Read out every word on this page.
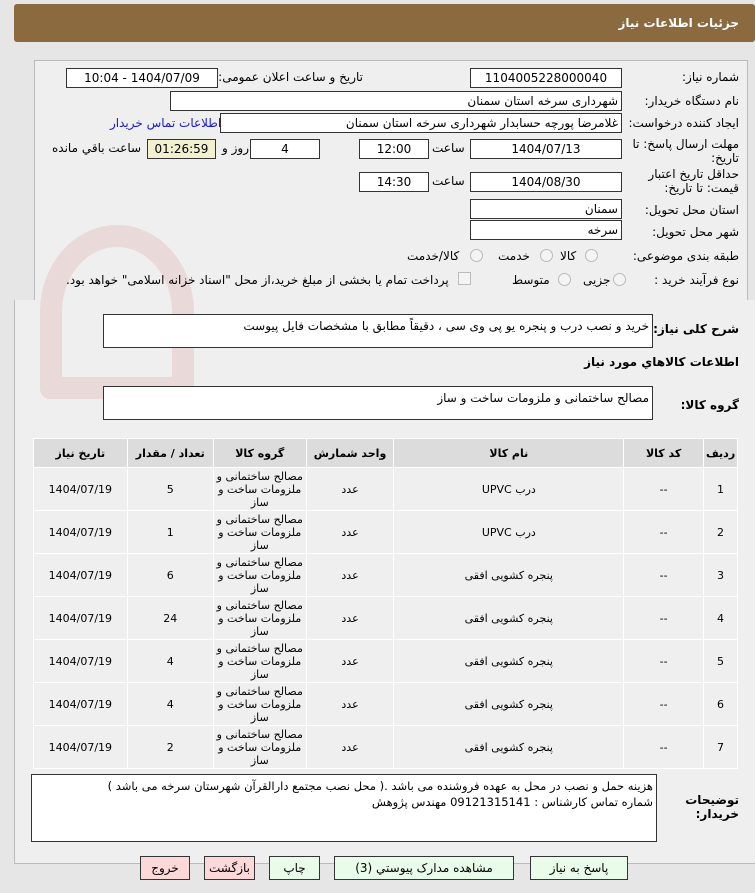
جزئیات اطلاعات نیاز
شماره نیاز:
1104005228000040
تاریخ و ساعت اعلان عمومی:
1404/07/09 - 10:04
نام دستگاه خریدار:
شهرداری سرخه استان سمنان
ایجاد کننده درخواست:
غلامرضا پورچه حسابدار شهرداری سرخه استان سمنان
اطلاعات تماس خریدار
مهلت ارسال پاسخ: تا تاریخ:
1404/07/13
ساعت
12:00
4
روز و
01:26:59
ساعت باقي مانده
حداقل تاریخ اعتبار قیمت: تا تاریخ:
1404/08/30
ساعت
14:30
استان محل تحویل:
سمنان
شهر محل تحویل:
سرخه
طبقه بندی موضوعی:
کالا
خدمت
کالا/خدمت
نوع فرآیند خرید :
جزیی
متوسط
پرداخت تمام یا بخشی از مبلغ خرید،از محل "اسناد خزانه اسلامی" خواهد بود.
شرح کلی نیاز:
خرید و نصب درب و پنجره یو پی وی سی ، دقیقاً مطابق با مشخصات فایل پیوست
اطلاعات کالاهاي مورد نياز
گروه کالا:
مصالح ساختمانی و ملزومات ساخت و ساز
ردیف	کد کالا	نام کالا	واحد شمارش	گروه کالا	تعداد / مقدار	تاریخ نیاز
1	--	درب UPVC	عدد	مصالح ساختمانی و ملزومات ساخت و ساز	5	1404/07/19
2	--	درب UPVC	عدد	مصالح ساختمانی و ملزومات ساخت و ساز	1	1404/07/19
3	--	پنجره کشویی افقی	عدد	مصالح ساختمانی و ملزومات ساخت و ساز	6	1404/07/19
4	--	پنجره کشویی افقی	عدد	مصالح ساختمانی و ملزومات ساخت و ساز	24	1404/07/19
5	--	پنجره کشویی افقی	عدد	مصالح ساختمانی و ملزومات ساخت و ساز	4	1404/07/19
6	--	پنجره کشویی افقی	عدد	مصالح ساختمانی و ملزومات ساخت و ساز	4	1404/07/19
7	--	پنجره کشویی افقی	عدد	مصالح ساختمانی و ملزومات ساخت و ساز	2	1404/07/19
توضیحات خریدار:
هزینه حمل و نصب در محل به عهده فروشنده می باشد .( محل نصب مجتمع دارالقرآن شهرستان سرخه می باشد )
شماره تماس کارشناس : 09121315141 مهندس پژوهش
پاسخ به نیاز
مشاهده مدارک پیوستي (3)
چاپ
بازگشت
خروج
